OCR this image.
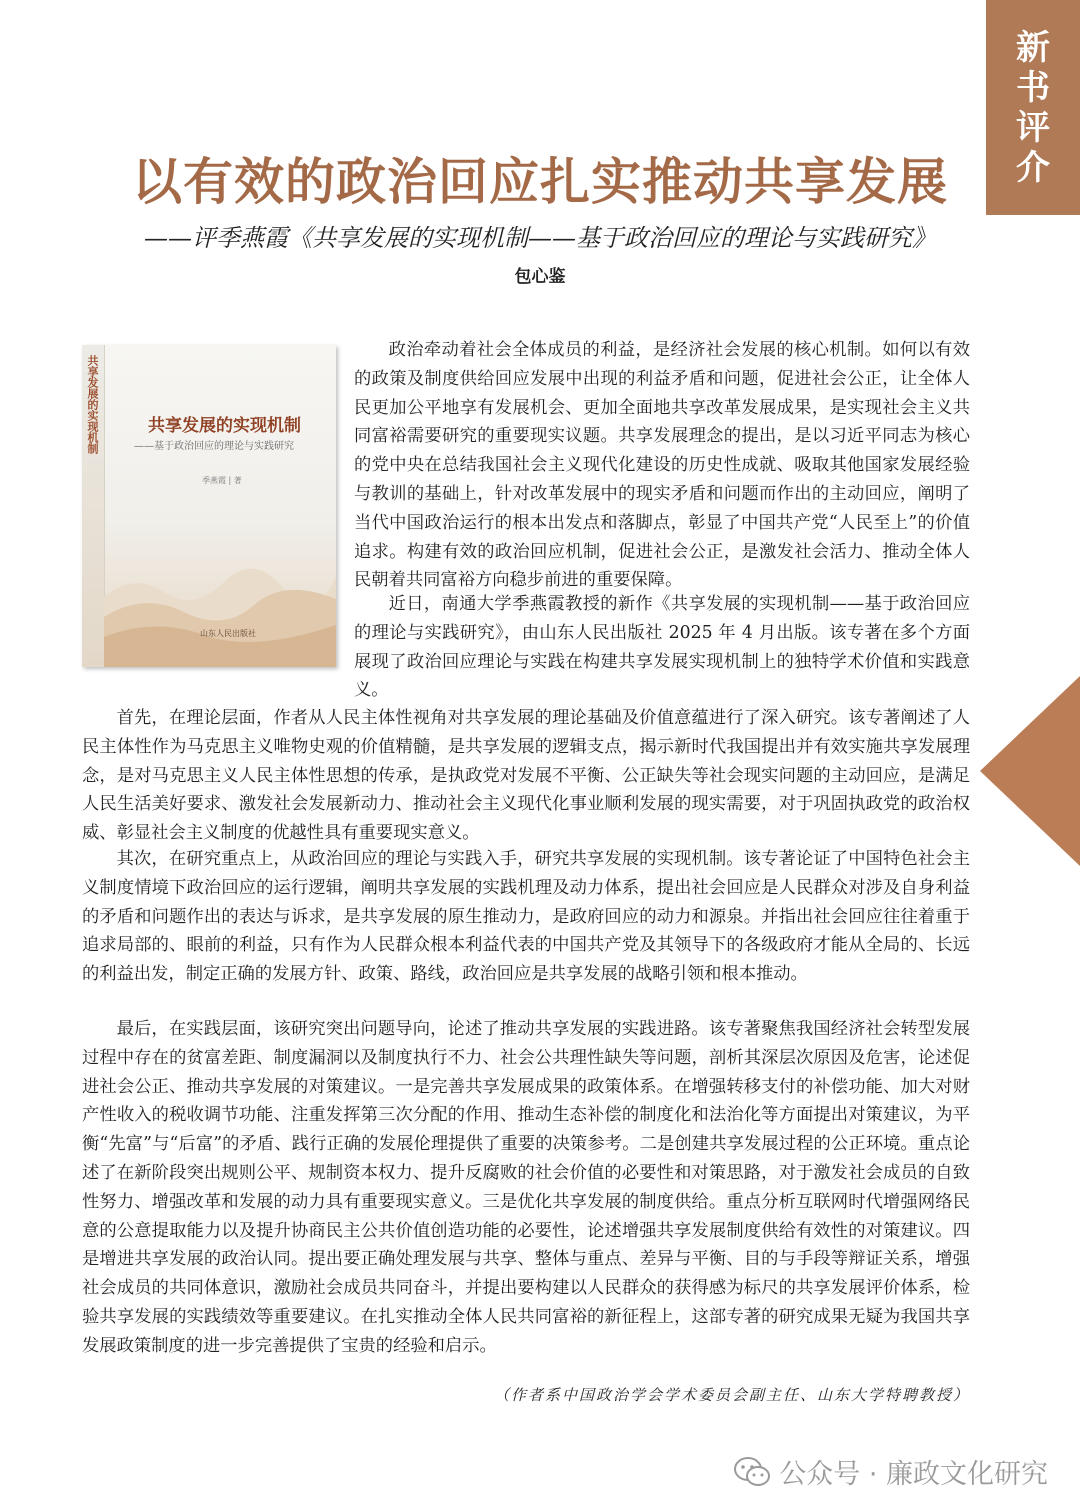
新
书
评
介
以有效的政治回应扎实推动共享发展
——评季燕霞《共享发展的实现机制——基于政治回应的理论与实践研究》
包心鉴
共享发展的实现机制	共享发展的实现机制
——基于政治回应的理论与实践研究
季燕霞 | 著
山东人民出版社

政治牵动着社会全体成员的利益，是经济社会发展的核心机制。如何以有效的政策及制度供给回应发展中出现的利益矛盾和问题，促进社会公正，让全体人民更加公平地享有发展机会、更加全面地共享改革发展成果，是实现社会主义共同富裕需要研究的重要现实议题。共享发展理念的提出，是以习近平同志为核心的党中央在总结我国社会主义现代化建设的历史性成就、吸取其他国家发展经验与教训的基础上，针对改革发展中的现实矛盾和问题而作出的主动回应，阐明了当代中国政治运行的根本出发点和落脚点，彰显了中国共产党“人民至上”的价值追求。构建有效的政治回应机制，促进社会公正，是激发社会活力、推动全体人民朝着共同富裕方向稳步前进的重要保障。

近日，南通大学季燕霞教授的新作《共享发展的实现机制——基于政治回应的理论与实践研究》，由山东人民出版社 2025 年 4 月出版。该专著在多个方面展现了政治回应理论与实践在构建共享发展实现机制上的独特学术价值和实践意义。

首先，在理论层面，作者从人民主体性视角对共享发展的理论基础及价值意蕴进行了深入研究。该专著阐述了人民主体性作为马克思主义唯物史观的价值精髓，是共享发展的逻辑支点，揭示新时代我国提出并有效实施共享发展理念，是对马克思主义人民主体性思想的传承，是执政党对发展不平衡、公正缺失等社会现实问题的主动回应，是满足人民生活美好要求、激发社会发展新动力、推动社会主义现代化事业顺利发展的现实需要，对于巩固执政党的政治权威、彰显社会主义制度的优越性具有重要现实意义。

其次，在研究重点上，从政治回应的理论与实践入手，研究共享发展的实现机制。该专著论证了中国特色社会主义制度情境下政治回应的运行逻辑，阐明共享发展的实践机理及动力体系，提出社会回应是人民群众对涉及自身利益的矛盾和问题作出的表达与诉求，是共享发展的原生推动力，是政府回应的动力和源泉。并指出社会回应往往着重于追求局部的、眼前的利益，只有作为人民群众根本利益代表的中国共产党及其领导下的各级政府才能从全局的、长远的利益出发，制定正确的发展方针、政策、路线，政治回应是共享发展的战略引领和根本推动。

最后，在实践层面，该研究突出问题导向，论述了推动共享发展的实践进路。该专著聚焦我国经济社会转型发展过程中存在的贫富差距、制度漏洞以及制度执行不力、社会公共理性缺失等问题，剖析其深层次原因及危害，论述促进社会公正、推动共享发展的对策建议。一是完善共享发展成果的政策体系。在增强转移支付的补偿功能、加大对财产性收入的税收调节功能、注重发挥第三次分配的作用、推动生态补偿的制度化和法治化等方面提出对策建议，为平衡“先富”与“后富”的矛盾、践行正确的发展伦理提供了重要的决策参考。二是创建共享发展过程的公正环境。重点论述了在新阶段突出规则公平、规制资本权力、提升反腐败的社会价值的必要性和对策思路，对于激发社会成员的自致性努力、增强改革和发展的动力具有重要现实意义。三是优化共享发展的制度供给。重点分析互联网时代增强网络民意的公意提取能力以及提升协商民主公共价值创造功能的必要性，论述增强共享发展制度供给有效性的对策建议。四是增进共享发展的政治认同。提出要正确处理发展与共享、整体与重点、差异与平衡、目的与手段等辩证关系，增强社会成员的共同体意识，激励社会成员共同奋斗，并提出要构建以人民群众的获得感为标尺的共享发展评价体系，检验共享发展的实践绩效等重要建议。在扎实推动全体人民共同富裕的新征程上，这部专著的研究成果无疑为我国共享发展政策制度的进一步完善提供了宝贵的经验和启示。

（作者系中国政治学会学术委员会副主任、山东大学特聘教授）
公众号 · 廉政文化研究
